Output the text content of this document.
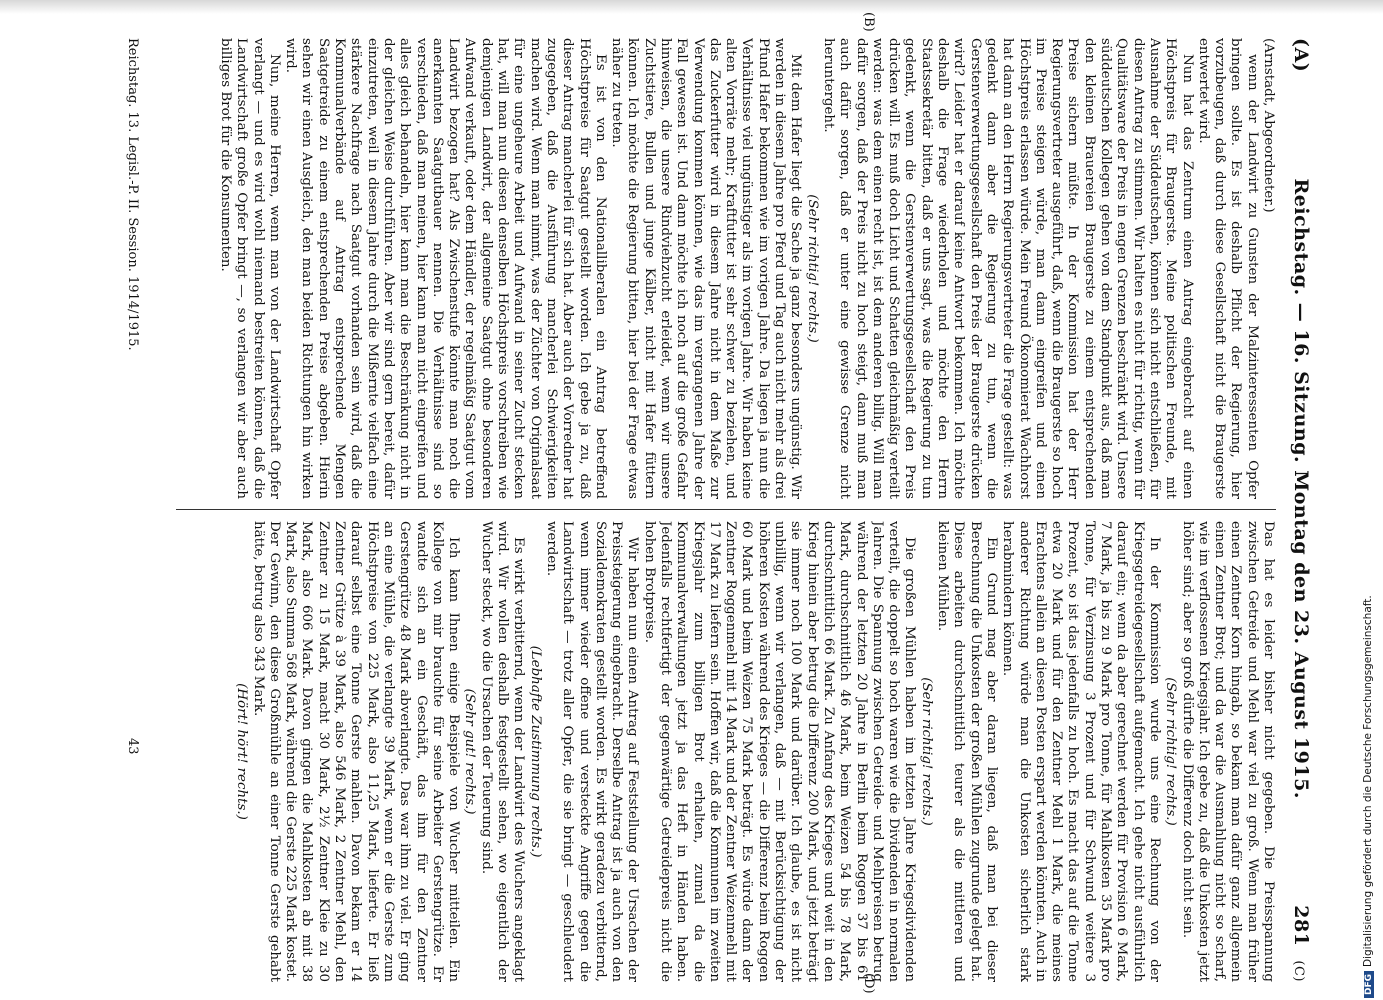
(A)
Reichstag. — 16. Sitzung. Montag den 23. August 1915.
281
(C)

(Arnstadt, Abgeordneter.)

wenn der Landwirt zu Gunsten der Malzinteressenten Opfer bringen sollte. Es ist deshalb Pflicht der Regierung, hier vorzubeugen, daß durch diese Gesellschaft nicht die Braugerste entwertet wird.

Nun hat das Zentrum einen Antrag eingebracht auf einen Höchstpreis für Braugerste. Meine politischen Freunde, mit Ausnahme der Süddeutschen, können sich nicht entschließen, für diesen Antrag zu stimmen. Wir halten es nicht für richtig, wenn für Qualitätsware der Preis in engen Grenzen beschränkt wird. Unsere süddeutschen Kollegen gehen von dem Standpunkt aus, daß man den kleinen Brauereien Braugerste zu einem entsprechenden Preise sichern müßte. In der Kommission hat der Herr Regierungsvertreter ausgeführt, daß, wenn die Braugerste so hoch im Preise steigen würde, man dann eingreifen und einen Höchstpreis erlassen würde. Mein Freund Ökonomierat Wachhorst hat dann an den Herrn Regierungsvertreter die Frage gestellt: was gedenkt dann aber die Regierung zu tun, wenn die Gerstenverwertungsgesellschaft den Preis der Braugerste drücken wird? Leider hat er darauf keine Antwort bekommen. Ich möchte deshalb die Frage wiederholen und möchte den Herrn Staatssekretär bitten, daß er uns sagt, was die Regierung zu tun gedenkt, wenn die Gerstenverwertungsgesellschaft den Preis drücken will. Es muß doch Licht und Schatten gleichmäßig verteilt werden: was dem einen recht ist, ist dem anderen billig. Will man dafür sorgen, daß der Preis nicht zu hoch steigt, dann muß man auch dafür sorgen, daß er unter eine gewisse Grenze nicht heruntergeht.

(Sehr richtig! rechts.)

Mit dem Hafer liegt die Sache ja ganz besonders ungünstig. Wir werden in diesem Jahre pro Pferd und Tag auch nicht mehr als drei Pfund Hafer bekommen wie im vorigen Jahre. Da liegen ja nun die Verhältnisse viel ungünstiger als im vorigen Jahre. Wir haben keine alten Vorräte mehr; Kraftfutter ist sehr schwer zu beziehen, und das Zuckerfutter wird in diesem Jahre nicht in dem Maße zur Verwendung kommen können, wie das im vergangenen Jahre der Fall gewesen ist. Und dann möchte ich noch auf die große Gefahr hinweisen, die unsere Rindviehzucht erleidet, wenn wir unsere Zuchtstiere, Bullen und junge Kälber, nicht mit Hafer füttern können. Ich möchte die Regierung bitten, hier bei der Frage etwas näher zu treten.

Es ist von den Nationalliberalen ein Antrag betreffend Höchstpreise für Saatgut gestellt worden. Ich gebe ja zu, daß dieser Antrag mancherlei für sich hat. Aber auch der Vorredner hat zugegeben, daß die Ausführung mancherlei Schwierigkeiten machen wird. Wenn man nimmt, was der Züchter von Originalsaat für eine ungeheure Arbeit und Aufwand in seiner Zucht stecken hat, will man nun diesen denselben Höchstpreis vorschreiben wie demjenigen Landwirt, der allgemeine Saatgut ohne besonderen Aufwand verkauft, oder dem Händler, der regelmäßig Saatgut vom Landwirt bezogen hat? Als Zwischenstufe könnte man noch die anerkannten Saatgutbauer nennen. Die Verhältnisse sind so verschieden, daß man meinen, hier kann man nicht eingreifen und alles gleich behandeln, hier kann man die Beschränkung nicht in der gleichen Weise durchführen. Aber wir sind gern bereit, dafür einzutreten, weil in diesem Jahre durch die Mißernte vielfach eine stärkere Nachfrage nach Saatgut vorhanden sein wird, daß die Kommunalverbände auf Antrag entsprechende Mengen Saatgetreide zu einem entsprechenden Preise abgeben. Hierin sehen wir einen Ausgleich, den man beiden Richtungen hin wirken wird.

Nun, meine Herren, wenn man von der Landwirtschaft Opfer verlangt — und es wird wohl niemand bestreiten können, daß die Landwirtschaft große Opfer bringt —, so verlangen wir aber auch billiges Brot für die Konsumenten.

Das hat es leider bisher nicht gegeben. Die Preisspannung zwischen Getreide und Mehl war viel zu groß. Wenn man früher einen Zentner Korn hingab, so bekam man dafür ganz allgemein einen Zentner Brot; und da war die Ausmahlung nicht so scharf, wie im verflossenen Kriegsjahr. Ich gebe zu, daß die Unkosten jetzt höher sind; aber so groß dürfte die Differenz doch nicht sein.

(Sehr richtig! rechts.)

In der Kommission wurde uns eine Rechnung von der Kriegsgetreidegesellschaft aufgemacht. Ich gehe nicht ausführlich darauf ein; wenn da aber gerechnet werden für Provision 6 Mark, 7 Mark, ja bis zu 9 Mark pro Tonne, für Mahlkosten 35 Mark pro Tonne, für Verzinsung 3 Prozent und für Schwund weitere 3 Prozent, so ist das jedenfalls zu hoch. Es macht das auf die Tonne etwa 20 Mark und für den Zentner Mehl 1 Mark, die meines Erachtens allein an diesen Posten erspart werden könnten. Auch in anderer Richtung würde man die Unkosten sicherlich stark herabmindern können.

Ein Grund mag aber daran liegen, daß man bei dieser Berechnung die Unkosten der großen Mühlen zugrunde gelegt hat. Diese arbeiten durchschnittlich teurer als die mittleren und kleinen Mühlen.

(Sehr richtig! rechts.)

Die großen Mühlen haben im letzten Jahre Kriegsdividenden verteilt, die doppelt so hoch waren wie die Dividenden in normalen Jahren. Die Spannung zwischen Getreide- und Mehlpreisen betrug während der letzten 20 Jahre in Berlin beim Roggen 37 bis 61 Mark, durchschnittlich 46 Mark, beim Weizen 54 bis 78 Mark, durchschnittlich 66 Mark. Zu Anfang des Krieges und weit in den Krieg hinein aber betrug die Differenz 200 Mark, und jetzt beträgt sie immer noch 100 Mark und darüber. Ich glaube, es ist nicht unbillig, wenn wir verlangen, daß — mit Berücksichtigung der höheren Kosten während des Krieges — die Differenz beim Roggen 60 Mark und beim Weizen 75 Mark beträgt. Es würde dann der Zentner Roggenmehl mit 14 Mark und der Zentner Weizenmehl mit 17 Mark zu liefern sein. Hoffen wir, daß die Kommunen im zweiten Kriegsjahr zum billigen Brot erhalten, zumal da die Kommunalverwaltungen jetzt ja das Heft in Händen haben. Jedenfalls rechtfertigt der gegenwärtige Getreidepreis nicht die hohen Brotpreise.

Wir haben nun einen Antrag auf Feststellung der Ursachen der Preissteigerung eingebracht. Derselbe Antrag ist ja auch von den Sozialdemokraten gestellt worden. Es wirkt geradezu verbitternd, wenn immer wieder offene und versteckte Angriffe gegen die Landwirtschaft — trotz aller Opfer, die sie bringt — geschleudert werden.

(Lebhafte Zustimmung rechts.)

Es wirkt verbitternd, wenn der Landwirt des Wuchers angeklagt wird. Wir wollen deshalb festgestellt sehen, wo eigentlich der Wucher steckt, wo die Ursachen der Teuerung sind.

(Sehr gut! rechts.)

Ich kann Ihnen einige Beispiele von Wucher mitteilen. Ein Kollege von mir brauchte für seine Arbeiter Gerstengrütze. Er wandte sich an ein Geschäft, das ihm für den Zentner Gerstengrütze 48 Mark abverlangte. Das war ihm zu viel. Er ging an eine Mühle, die verlangte 39 Mark, wenn er die Gerste zum Höchstpreise von 225 Mark, also 11,25 Mark, lieferte. Er ließ darauf selbst eine Tonne Gerste mahlen. Davon bekam er 14 Zentner Grütze à 39 Mark, also 546 Mark, 2 Zentner Mehl, den Zentner zu 15 Mark, macht 30 Mark, 2½ Zentner Kleie zu 30 Mark, also 606 Mark. Davon gingen die Mahlkosten ab mit 38 Mark, also Summa 568 Mark, während die Gerste 225 Mark kostet. Der Gewinn, den diese Großmühle an einer Tonne Gerste gehabt hätte, betrug also 343 Mark.

(Hört! hört! rechts.)

(B)
(D)
Reichstag. 13. Legisl.-P. II. Session. 1914/1915.
43
DFGDigitalisierung gefördert durch die Deutsche Forschungsgemeinschaft.
